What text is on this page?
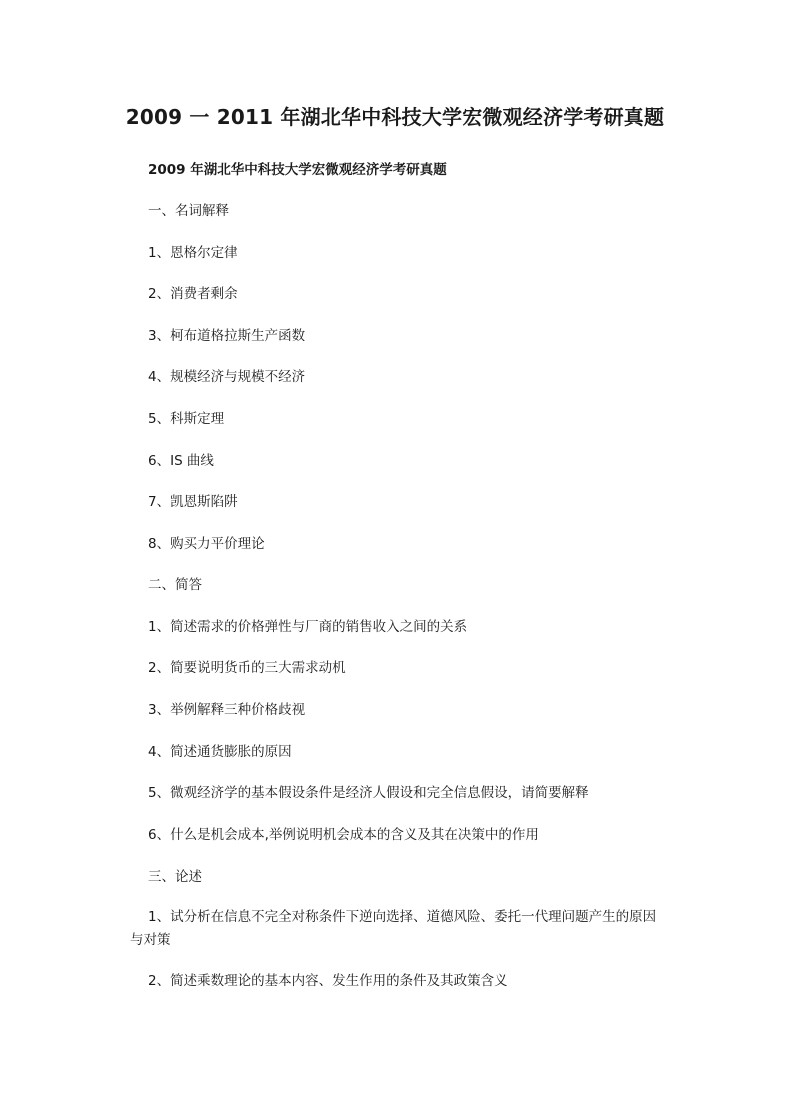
2009 一 2011 年湖北华中科技大学宏微观经济学考研真题
2009 年湖北华中科技大学宏微观经济学考研真题
一、名词解释
1、恩格尔定律
2、消费者剩余
3、柯布道格拉斯生产函数
4、规模经济与规模不经济
5、科斯定理
6、IS 曲线
7、凯恩斯陷阱
8、购买力平价理论
二、简答
1、简述需求的价格弹性与厂商的销售收入之间的关系
2、简要说明货币的三大需求动机
3、举例解释三种价格歧视
4、简述通货膨胀的原因
5、微观经济学的基本假设条件是经济人假设和完全信息假设，请简要解释
6、什么是机会成本,举例说明机会成本的含义及其在决策中的作用
三、论述
1、试分析在信息不完全对称条件下逆向选择、道德风险、委托一代理问题产生的原因与对策
2、简述乘数理论的基本内容、发生作用的条件及其政策含义
